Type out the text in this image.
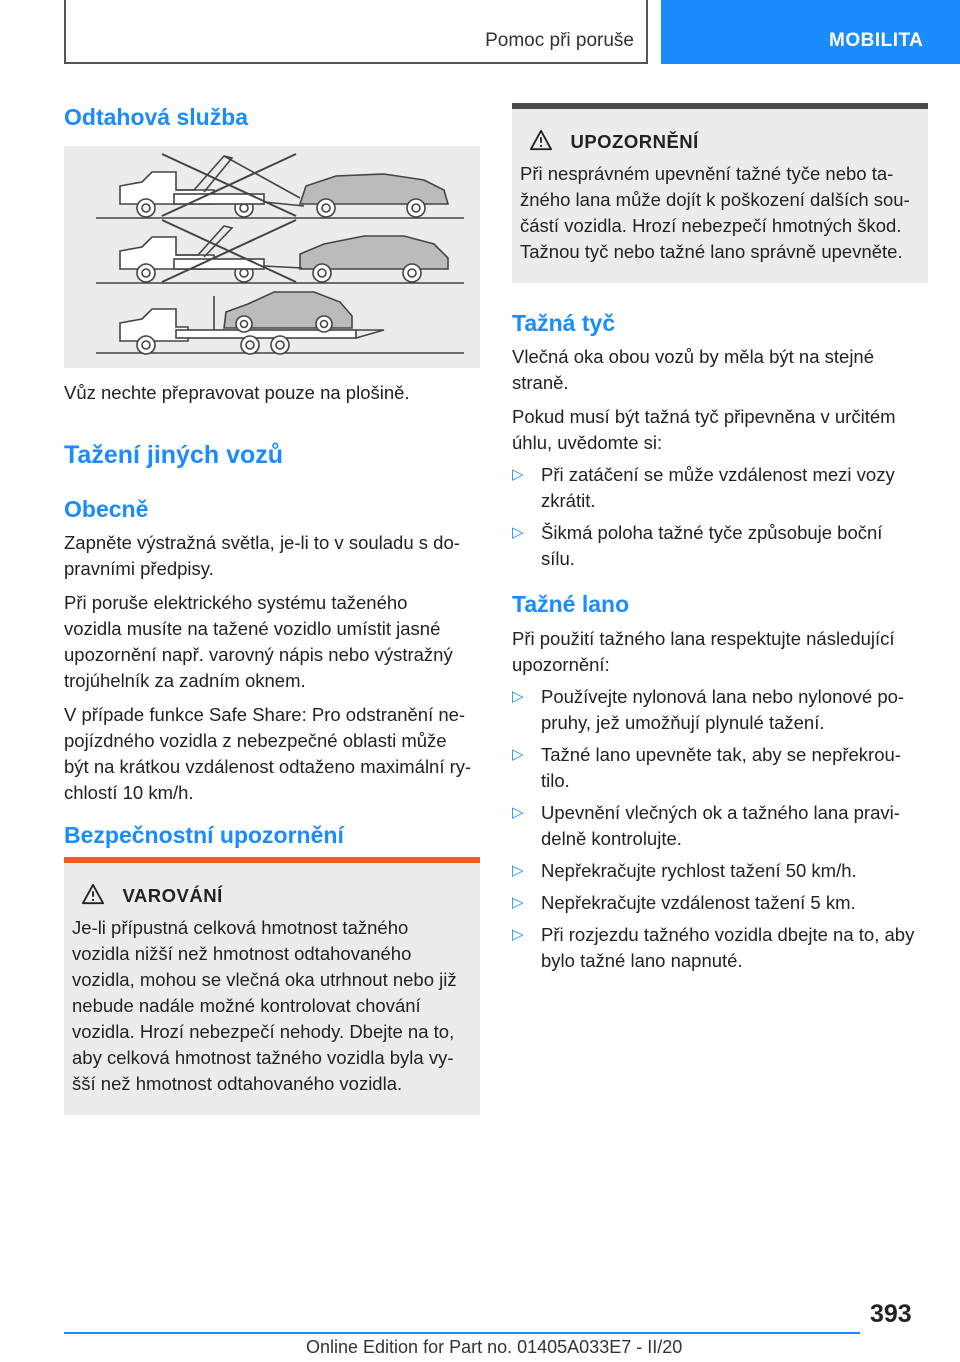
Pomoc při poruše	MOBILITA
Odtahová služba

Vůz nechte přepravovat pouze na plošině.

Tažení jiných vozů
Obecně

Zapněte výstražná světla, je-li to v souladu s do-
pravními předpisy.

Při poruše elektrického systému taženého
vozidla musíte na tažené vozidlo umístit jasné
upozornění např. varovný nápis nebo výstražný
trojúhelník za zadním oknem.

V případe funkce Safe Share: Pro odstranění ne-
pojízdného vozidla z nebezpečné oblasti může
být na krátkou vzdálenost odtaženo maximální ry-
chlostí 10 km/h.

Bezpečnostní upozornění
VAROVÁNÍ

Je-li přípustná celková hmotnost tažného
vozidla nižší než hmotnost odtahovaného
vozidla, mohou se vlečná oka utrhnout nebo již
nebude nadále možné kontrolovat chování
vozidla. Hrozí nebezpečí nehody. Dbejte na to,
aby celková hmotnost tažného vozidla byla vy-
šší než hmotnost odtahovaného vozidla.

UPOZORNĚNÍ

Při nesprávném upevnění tažné tyče nebo ta-
žného lana může dojít k poškození dalších sou-
částí vozidla. Hrozí nebezpečí hmotných škod.
Tažnou tyč nebo tažné lano správně upevněte.

Tažná tyč

Vlečná oka obou vozů by měla být na stejné
straně.

Pokud musí být tažná tyč připevněna v určitém
úhlu, uvědomte si:

▷ Při zatáčení se může vzdálenost mezi vozy
zkrátit.
▷ Šikmá poloha tažné tyče způsobuje boční
sílu.
Tažné lano

Při použití tažného lana respektujte následující
upozornění:

▷ Používejte nylonová lana nebo nylonové po-
pruhy, jež umožňují plynulé tažení.
▷ Tažné lano upevněte tak, aby se nepřekrou-
tilo.
▷ Upevnění vlečných ok a tažného lana pravi-
delně kontrolujte.
▷ Nepřekračujte rychlost tažení 50 km/h.
▷ Nepřekračujte vzdálenost tažení 5 km.
▷ Při rozjezdu tažného vozidla dbejte na to, aby
bylo tažné lano napnuté.
393
Online Edition for Part no. 01405A033E7 - II/20
